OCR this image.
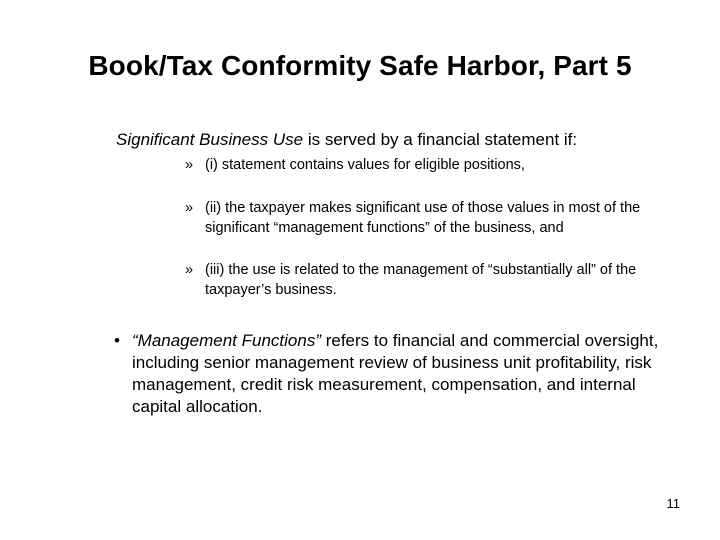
Book/Tax Conformity Safe Harbor, Part 5

Significant Business Use is served by a financial statement if:

» (i) statement contains values for eligible positions,
» (ii) the taxpayer makes significant use of those values in most of the significant “management functions” of the business, and
» (iii) the use is related to the management of “substantially all” of the taxpayer’s business.
• “Management Functions” refers to financial and commercial oversight, including senior management review of business unit profitability, risk management, credit risk measurement, compensation, and internal capital allocation.
11
